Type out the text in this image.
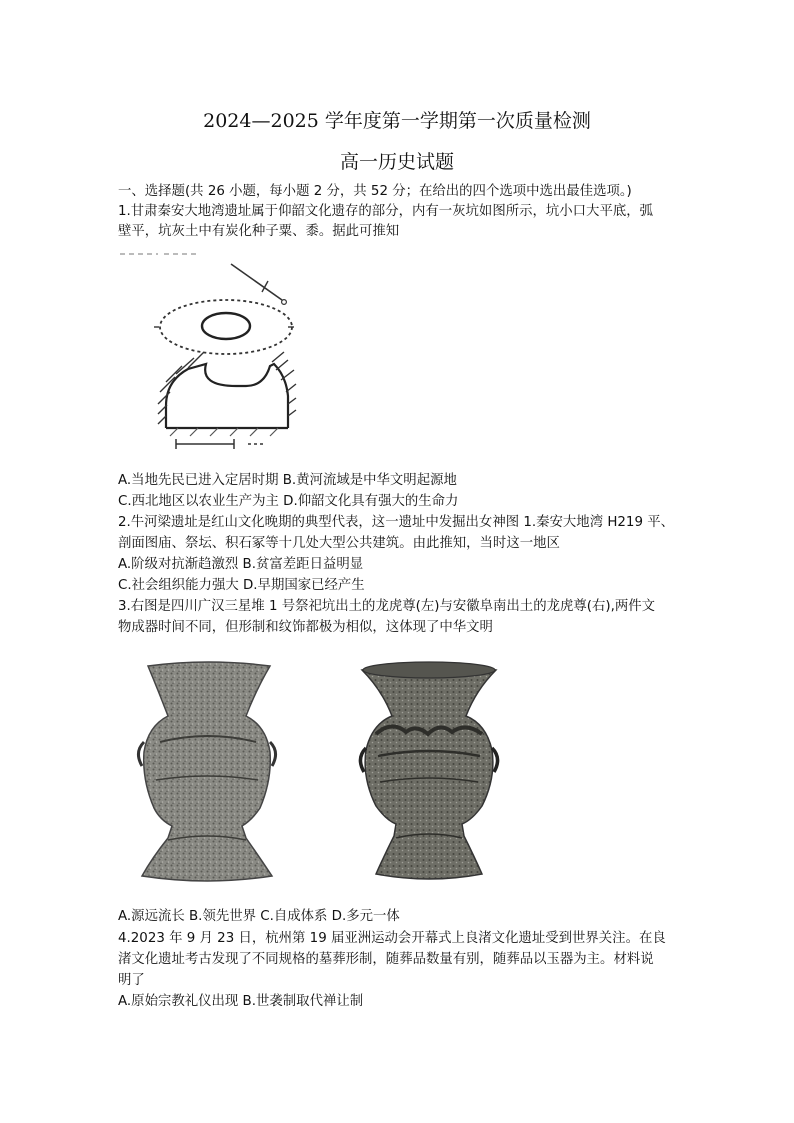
2024—2025 学年度第一学期第一次质量检测
高一历史试题
一、选择题(共 26 小题，每小题 2 分，共 52 分；在给出的四个选项中选出最佳选项。)
1.甘肃秦安大地湾遗址属于仰韶文化遗存的部分，内有一灰坑如图所示，坑小口大平底，弧
壁平，坑灰土中有炭化种子粟、黍。据此可推知
A.当地先民已进入定居时期 B.黄河流域是中华文明起源地
C.西北地区以农业生产为主 D.仰韶文化具有强大的生命力
2.牛河梁遗址是红山文化晚期的典型代表，这一遗址中发掘出女神图 1.秦安大地湾 H219 平、
剖面图庙、祭坛、积石冢等十几处大型公共建筑。由此推知，当时这一地区
A.阶级对抗渐趋激烈 B.贫富差距日益明显
C.社会组织能力强大 D.早期国家已经产生
3.右图是四川广汉三星堆 1 号祭祀坑出土的龙虎尊(左)与安徽阜南出土的龙虎尊(右),两件文
物成器时间不同，但形制和纹饰都极为相似，这体现了中华文明
A.源远流长 B.领先世界 C.自成体系 D.多元一体
4.2023 年 9 月 23 日，杭州第 19 届亚洲运动会开幕式上良渚文化遗址受到世界关注。在良
渚文化遗址考古发现了不同规格的墓葬形制，随葬品数量有别，随葬品以玉器为主。材料说
明了
A.原始宗教礼仪出现 B.世袭制取代禅让制
